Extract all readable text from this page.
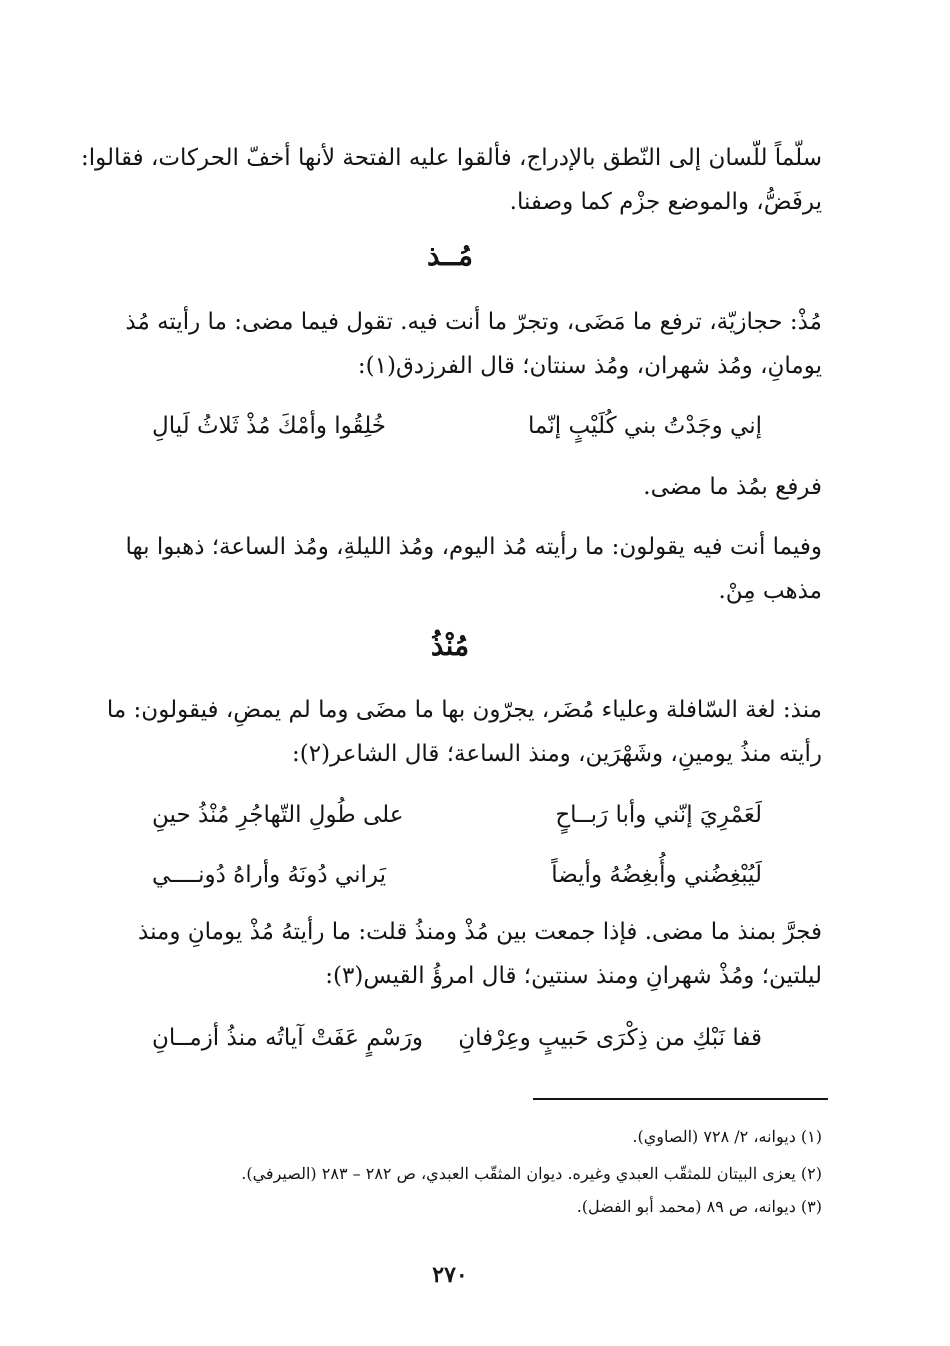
سلّماً للّسان إلى النّطق بالإدراج، فألقوا عليه الفتحة لأنها أخفّ الحركات، فقالوا:
يرفَضُّ، والموضع جزْم كما وصفنا.
مُــذ
مُذْ: حجازيّة، ترفع ما مَضَى، وتجرّ ما أنت فيه. تقول فيما مضى: ما رأيته مُذ
يومانِ، ومُذ شهران، ومُذ سنتان؛ قال الفرزدق(١):
إني وجَدْتُ بني كُلَيْبٍ إنّما
خُلِقُوا وأمْكَ مُذْ ثَلاثُ لَيالِ
فرفع بمُذ ما مضى.
وفيما أنت فيه يقولون: ما رأيته مُذ اليوم، ومُذ الليلةِ، ومُذ الساعة؛ ذهبوا بها
مذهب مِنْ.
مُنْذُ
منذ: لغة السّافلة وعلياء مُضَر، يجرّون بها ما مضَى وما لم يمضِ، فيقولون: ما
رأيته منذُ يومينِ، وشَهْرَين، ومنذ الساعة؛ قال الشاعر(٢):
لَعَمْرِيَ إنّني وأبا رَبــاحٍ
على طُولِ التّهاجُرِ مُنْذُ حينِ
لَيُبْغِضُني وأُبغِضُهُ وأيضاً
يَراني دُونَهُ وأراهُ دُونــــي
فجرَّ بمنذ ما مضى. فإذا جمعت بين مُذْ ومنذُ قلت: ما رأيتهُ مُذْ يومانِ ومنذ
ليلتين؛ ومُذْ شهرانِ ومنذ سنتين؛ قال امرؤُ القيس(٣):
قفا نَبْكِ من ذِكْرَى حَبيبٍ وعِرْفانِ
ورَسْمٍ عَفَتْ آياتُه منذُ أزمــانِ
(١) ديوانه، ٢/ ٧٢٨ (الصاوي).
(٢) يعزى البيتان للمثقّب العبدي وغيره. ديوان المثقّب العبدي، ص ٢٨٢ – ٢٨٣ (الصيرفي).
(٣) ديوانه، ص ٨٩ (محمد أبو الفضل).
٢٧٠
